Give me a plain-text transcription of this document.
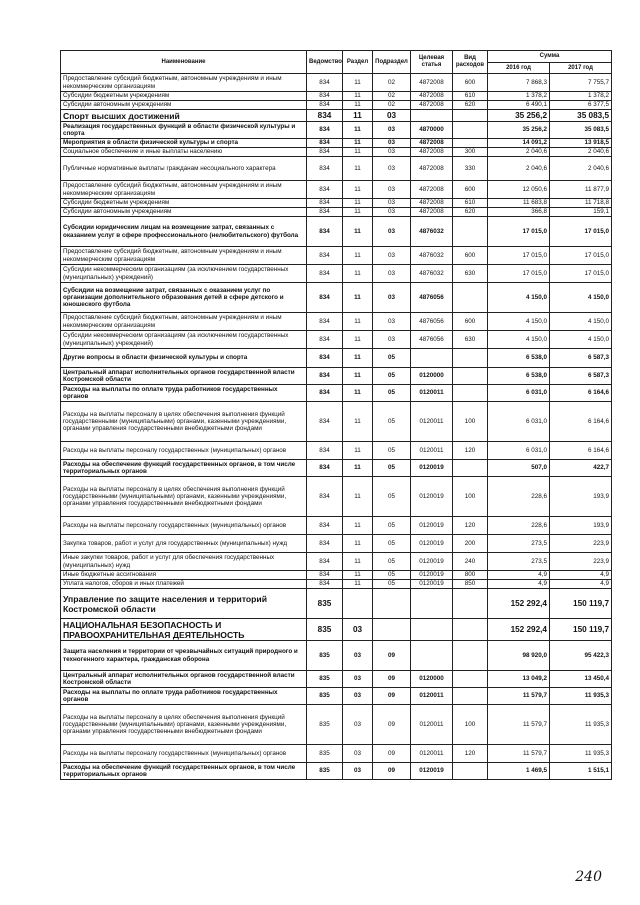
Наименование	Ведомство	Раздел	Подраздел	Целевая статья	Вид расходов	Сумма	
						2016 год	2017 год
Предоставление субсидий бюджетным, автономным учреждениям и иным некоммерческим организациям	834	11	02	4872008	600	7 868,3	7 755,7
Субсидии бюджетным учреждениям	834	11	02	4872008	610	1 378,2	1 378,2
Субсидии автономным учреждениям	834	11	02	4872008	620	6 490,1	6 377,5
Спорт высших достижений	834	11	03			35 256,2	35 083,5
Реализация государственных функций в области физической культуры и спорта	834	11	03	4870000		35 256,2	35 083,5
Мероприятия в области физической культуры и спорта	834	11	03	4872008		14 091,2	13 918,5
Социальное обеспечение и иные выплаты населению	834	11	03	4872008	300	2 040,6	2 040,6
Публичные нормативные выплаты гражданам несоциального характера	834	11	03	4872008	330	2 040,6	2 040,6
Предоставление субсидий бюджетным, автономным учреждениям и иным некоммерческим организациям	834	11	03	4872008	600	12 050,6	11 877,9
Субсидии бюджетным учреждениям	834	11	03	4872008	610	11 683,8	11 718,8
Субсидии автономным учреждениям	834	11	03	4872008	620	366,8	159,1
Субсидии юридическим лицам на возмещение затрат, связанных с оказанием услуг в сфере профессионального (нелюбительского) футбола	834	11	03	4876032		17 015,0	17 015,0
Предоставление субсидий бюджетным, автономным учреждениям и иным некоммерческим организациям	834	11	03	4876032	600	17 015,0	17 015,0
Субсидии некоммерческим организациям (за исключением государственных (муниципальных) учреждений)	834	11	03	4876032	630	17 015,0	17 015,0
Субсидии на возмещение затрат, связанных с оказанием услуг по организации дополнительного образования детей в сфере детского и юношеского футбола	834	11	03	4876056		4 150,0	4 150,0
Предоставление субсидий бюджетным, автономным учреждениям и иным некоммерческим организациям	834	11	03	4876056	600	4 150,0	4 150,0
Субсидии некоммерческим организациям (за исключением государственных (муниципальных) учреждений)	834	11	03	4876056	630	4 150,0	4 150,0
Другие вопросы в области физической культуры и спорта	834	11	05			6 538,0	6 587,3
Центральный аппарат исполнительных органов государственной власти Костромской области	834	11	05	0120000		6 538,0	6 587,3
Расходы на выплаты по оплате труда работников государственных органов	834	11	05	0120011		6 031,0	6 164,6
Расходы на выплаты персоналу в целях обеспечения выполнения функций государственными (муниципальными) органами, казенными учреждениями, органами управления государственными внебюджетными фондами	834	11	05	0120011	100	6 031,0	6 164,6
Расходы на выплаты персоналу государственных (муниципальных) органов	834	11	05	0120011	120	6 031,0	6 164,6
Расходы на обеспечение функций государственных органов, в том числе территориальных органов	834	11	05	0120019		507,0	422,7
Расходы на выплаты персоналу в целях обеспечения выполнения функций государственными (муниципальными) органами, казенными учреждениями, органами управления государственными внебюджетными фондами	834	11	05	0120019	100	228,6	193,9
Расходы на выплаты персоналу государственных (муниципальных) органов	834	11	05	0120019	120	228,6	193,9
Закупка товаров, работ и услуг для государственных (муниципальных) нужд	834	11	05	0120019	200	273,5	223,9
Иные закупки товаров, работ и услуг для обеспечения государственных (муниципальных) нужд	834	11	05	0120019	240	273,5	223,9
Иные бюджетные ассигнования	834	11	05	0120019	800	4,9	4,9
Уплата налогов, сборов и иных платежей	834	11	05	0120019	850	4,9	4,9
Управление по защите населения и территорий Костромской области	835					152 292,4	150 119,7
НАЦИОНАЛЬНАЯ БЕЗОПАСНОСТЬ И ПРАВООХРАНИТЕЛЬНАЯ ДЕЯТЕЛЬНОСТЬ	835	03				152 292,4	150 119,7
Защита населения и территории от чрезвычайных ситуаций природного и техногенного характера, гражданская оборона	835	03	09			98 920,0	95 422,3
Центральный аппарат исполнительных органов государственной власти Костромской области	835	03	09	0120000		13 049,2	13 450,4
Расходы на выплаты по оплате труда работников государственных органов	835	03	09	0120011		11 579,7	11 935,3
Расходы на выплаты персоналу в целях обеспечения выполнения функций государственными (муниципальными) органами, казенными учреждениями, органами управления государственными внебюджетными фондами	835	03	09	0120011	100	11 579,7	11 935,3
Расходы на выплаты персоналу государственных (муниципальных) органов	835	03	09	0120011	120	11 579,7	11 935,3
Расходы на обеспечение функций государственных органов, в том числе территориальных органов	835	03	09	0120019		1 469,5	1 515,1
240
